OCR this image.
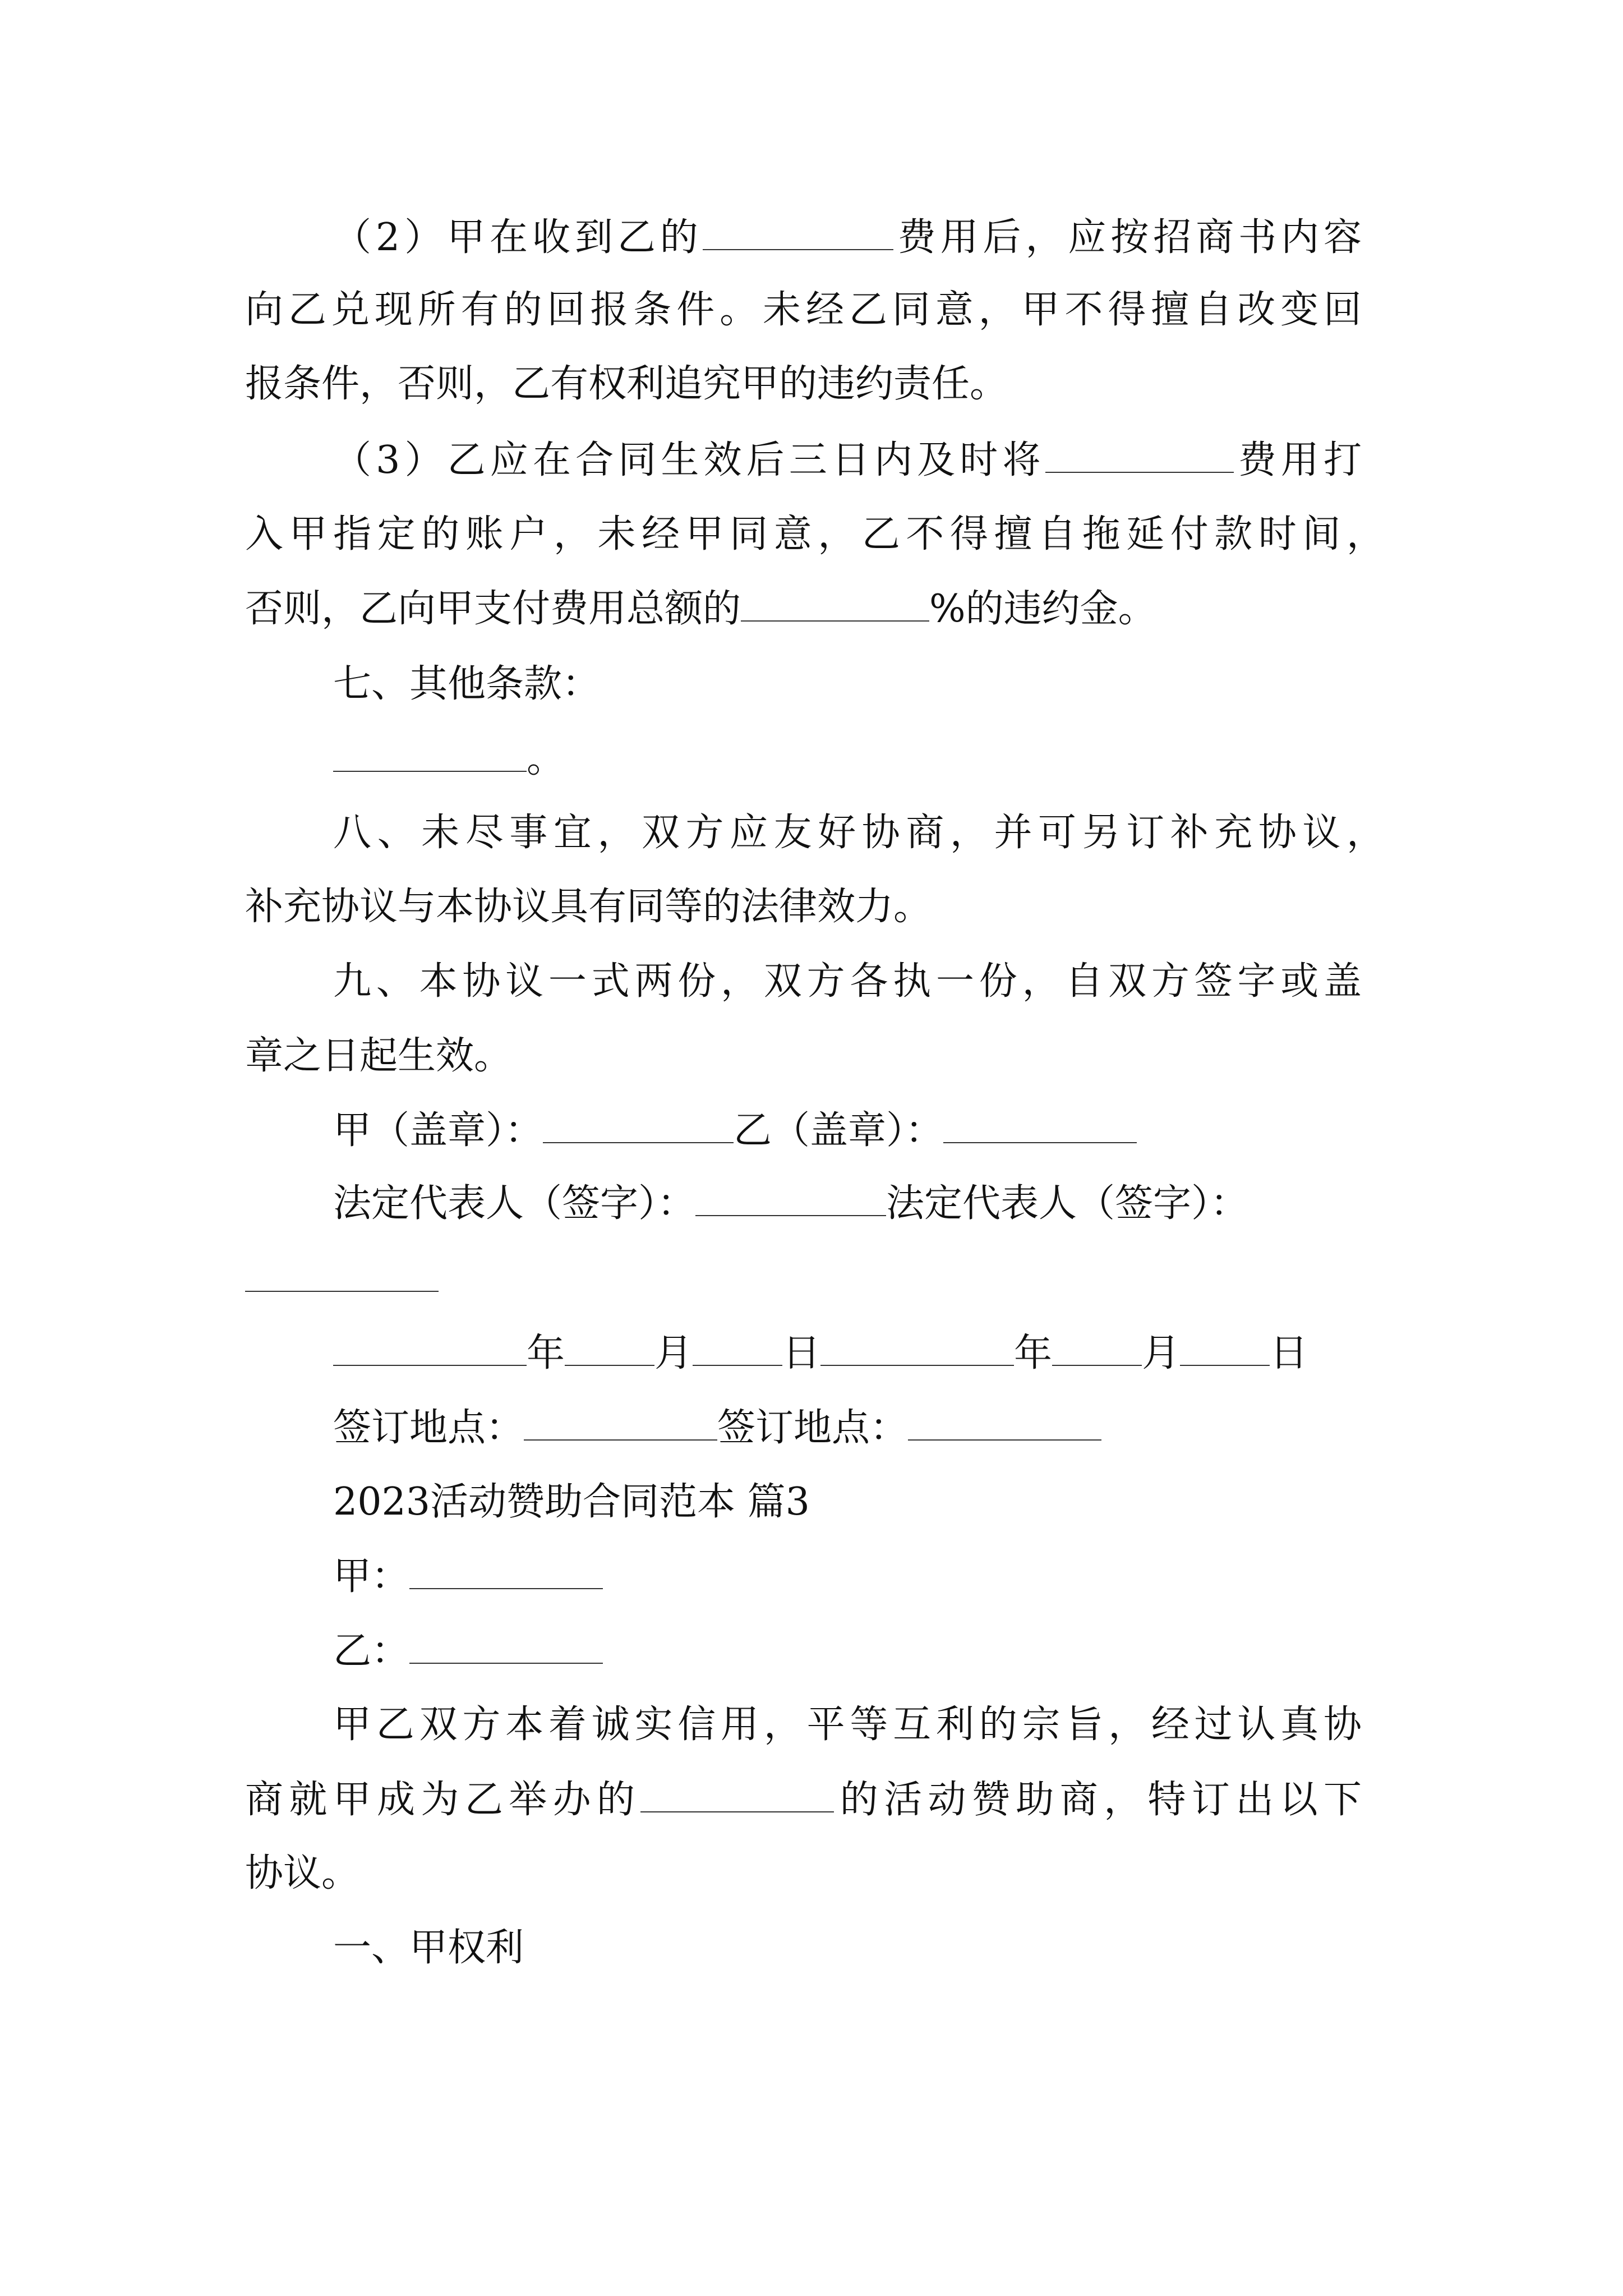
（2）甲在收到乙的	费用后，应按招商书内容
向乙兑现所有的回报条件。未经乙同意，甲不得擅自改变回
报条件，否则，乙有权利追究甲的违约责任。
（3）乙应在合同生效后三日内及时将	费用打
入甲指定的账户，未经甲同意，乙不得擅自拖延付款时间，
否则，乙向甲支付费用总额的	%的违约金。
七、其他条款：
。
八、未尽事宜，双方应友好协商，并可另订补充协议，
补充协议与本协议具有同等的法律效力。
九、本协议一式两份，双方各执一份，自双方签字或盖
章之日起生效。
甲（盖章）：	乙（盖章）：
法定代表人（签字）：	法定代表人（签字）：
年 月 日	年 月 日
签订地点：	签订地点：
2023活动赞助合同范本 篇3
甲：
乙：
甲乙双方本着诚实信用，平等互利的宗旨，经过认真协
商就甲成为乙举办的	的活动赞助商，特订出以下
协议。
一、甲权利
